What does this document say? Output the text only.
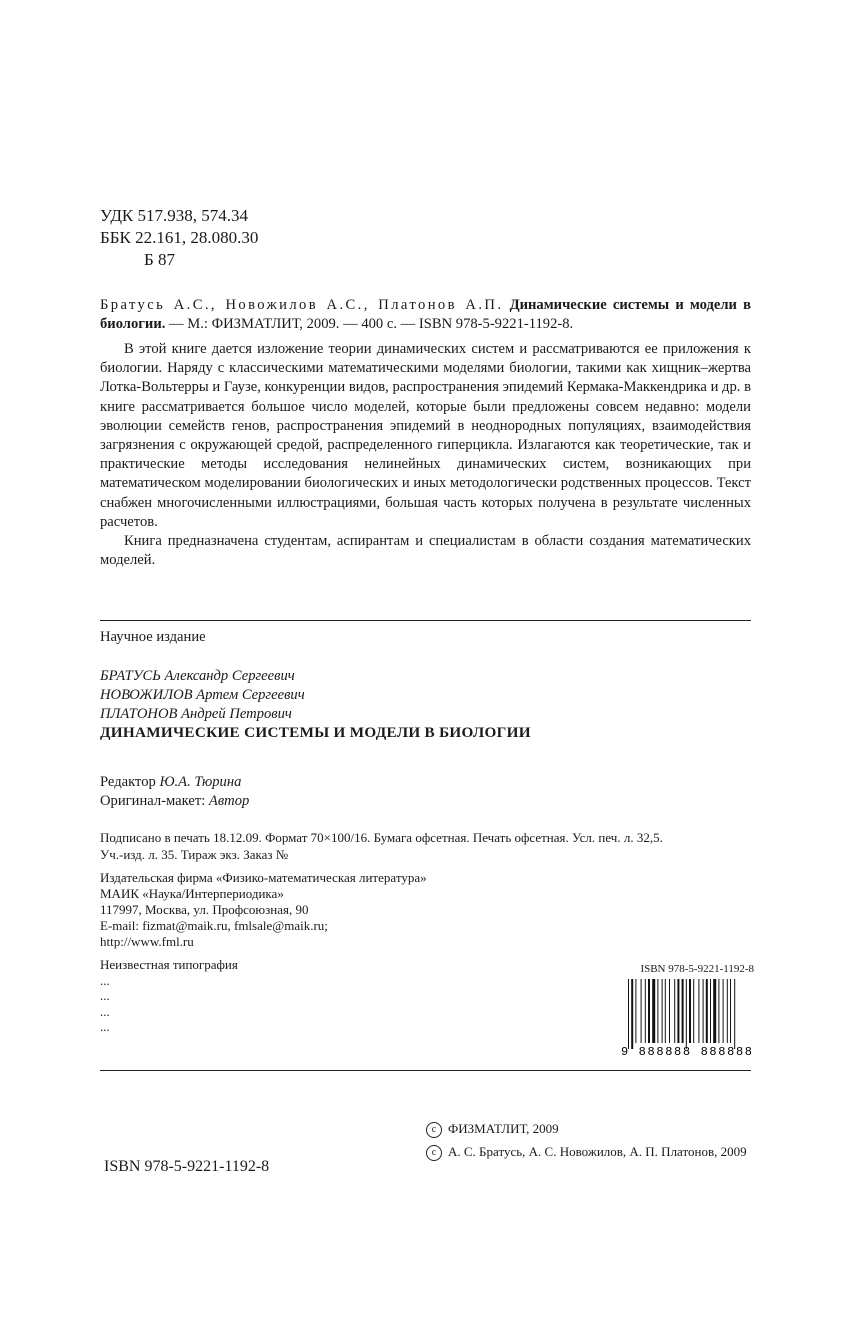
УДК 517.938, 574.34
ББК 22.161, 28.080.30
Б 87
Братусь А.С., Новожилов А.С., Платонов А.П. Динамические системы и модели в биологии. — М.: ФИЗМАТЛИТ, 2009. — 400 с. — ISBN 978-5-9221-1192-8.

В этой книге дается изложение теории динамических систем и рассматриваются ее приложения к биологии. Наряду с классическими математическими моделями биологии, такими как хищник–жертва Лотка-Вольтерры и Гаузе, конкуренции видов, распространения эпидемий Кермака-Маккендрика и др. в книге рассматривается большое число моделей, которые были предложены совсем недавно: модели эволюции семейств генов, распространения эпидемий в неоднородных популяциях, взаимодействия загрязнения с окружающей средой, распределенного гиперцикла. Излагаются как теоретические, так и практические методы исследования нелинейных динамических систем, возникающих при математическом моделировании биологических и иных методологически родственных процессов. Текст снабжен многочисленными иллюстрациями, большая часть которых получена в результате численных расчетов.

Книга предназначена студентам, аспирантам и специалистам в области создания математических моделей.

Научное издание
БРАТУСЬ Александр Сергеевич
НОВОЖИЛОВ Артем Сергеевич
ПЛАТОНОВ Андрей Петрович
ДИНАМИЧЕСКИЕ СИСТЕМЫ И МОДЕЛИ В БИОЛОГИИ
Редактор Ю.А. Тюрина
Оригинал-макет: Автор
Подписано в печать 18.12.09. Формат 70×100/16. Бумага офсетная. Печать офсетная. Усл. печ. л. 32,5.
Уч.-изд. л. 35. Тираж экз. Заказ №
Издательская фирма «Физико-математическая литература»
МАИК «Наука/Интерпериодика»
117997, Москва, ул. Профсоюзная, 90
E-mail: fizmat@maik.ru, fmlsale@maik.ru;
http://www.fml.ru
Неизвестная типография
...
...
...
...
ISBN 978-5-9221-1192-8
9 888888 888888
ISBN 978-5-9221-1192-8
c ФИЗМАТЛИТ, 2009
c А. С. Братусь, А. С. Новожилов, А. П. Платонов, 2009
